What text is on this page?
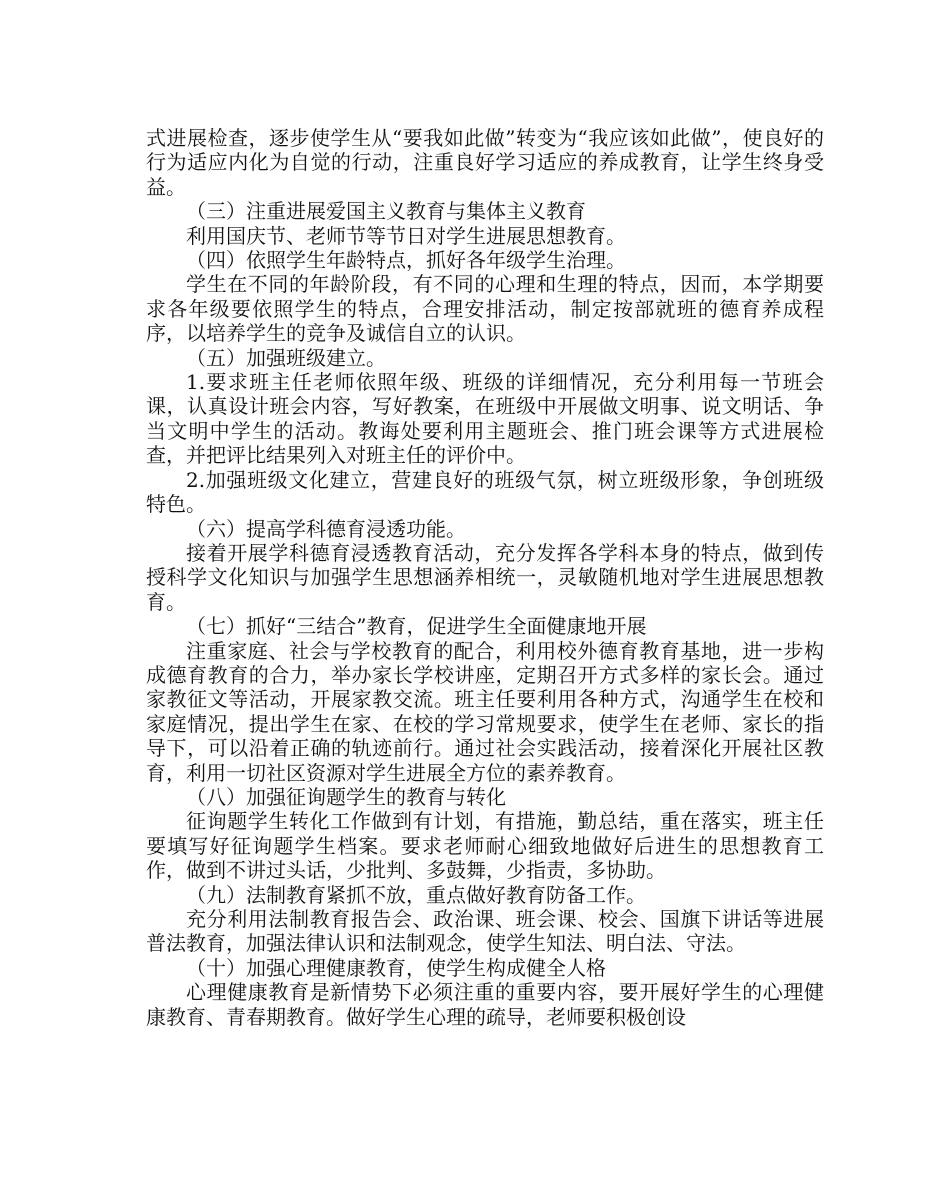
式进展检查，逐步使学生从“要我如此做”转变为“我应该如此做”，使良好的行为适应内化为自觉的行动，注重良好学习适应的养成教育，让学生终身受益。

（三）注重进展爱国主义教育与集体主义教育

利用国庆节、老师节等节日对学生进展思想教育。

（四）依照学生年龄特点，抓好各年级学生治理。

学生在不同的年龄阶段，有不同的心理和生理的特点，因而，本学期要求各年级要依照学生的特点，合理安排活动，制定按部就班的德育养成程序，以培养学生的竞争及诚信自立的认识。

（五）加强班级建立。

1.要求班主任老师依照年级、班级的详细情况，充分利用每一节班会课，认真设计班会内容，写好教案，在班级中开展做文明事、说文明话、争当文明中学生的活动。教诲处要利用主题班会、推门班会课等方式进展检查，并把评比结果列入对班主任的评价中。

2.加强班级文化建立，营建良好的班级气氛，树立班级形象，争创班级特色。

（六）提高学科德育浸透功能。

接着开展学科德育浸透教育活动，充分发挥各学科本身的特点，做到传授科学文化知识与加强学生思想涵养相统一，灵敏随机地对学生进展思想教育。

（七）抓好“三结合”教育，促进学生全面健康地开展

注重家庭、社会与学校教育的配合，利用校外德育教育基地，进一步构成德育教育的合力，举办家长学校讲座，定期召开方式多样的家长会。通过家教征文等活动，开展家教交流。班主任要利用各种方式，沟通学生在校和家庭情况，提出学生在家、在校的学习常规要求，使学生在老师、家长的指导下，可以沿着正确的轨迹前行。通过社会实践活动，接着深化开展社区教育，利用一切社区资源对学生进展全方位的素养教育。

（八）加强征询题学生的教育与转化

征询题学生转化工作做到有计划，有措施，勤总结，重在落实，班主任要填写好征询题学生档案。要求老师耐心细致地做好后进生的思想教育工作，做到不讲过头话，少批判、多鼓舞，少指责，多协助。

（九）法制教育紧抓不放，重点做好教育防备工作。

充分利用法制教育报告会、政治课、班会课、校会、国旗下讲话等进展普法教育，加强法律认识和法制观念，使学生知法、明白法、守法。

（十）加强心理健康教育，使学生构成健全人格

心理健康教育是新情势下必须注重的重要内容，要开展好学生的心理健康教育、青春期教育。做好学生心理的疏导，老师要积极创设
